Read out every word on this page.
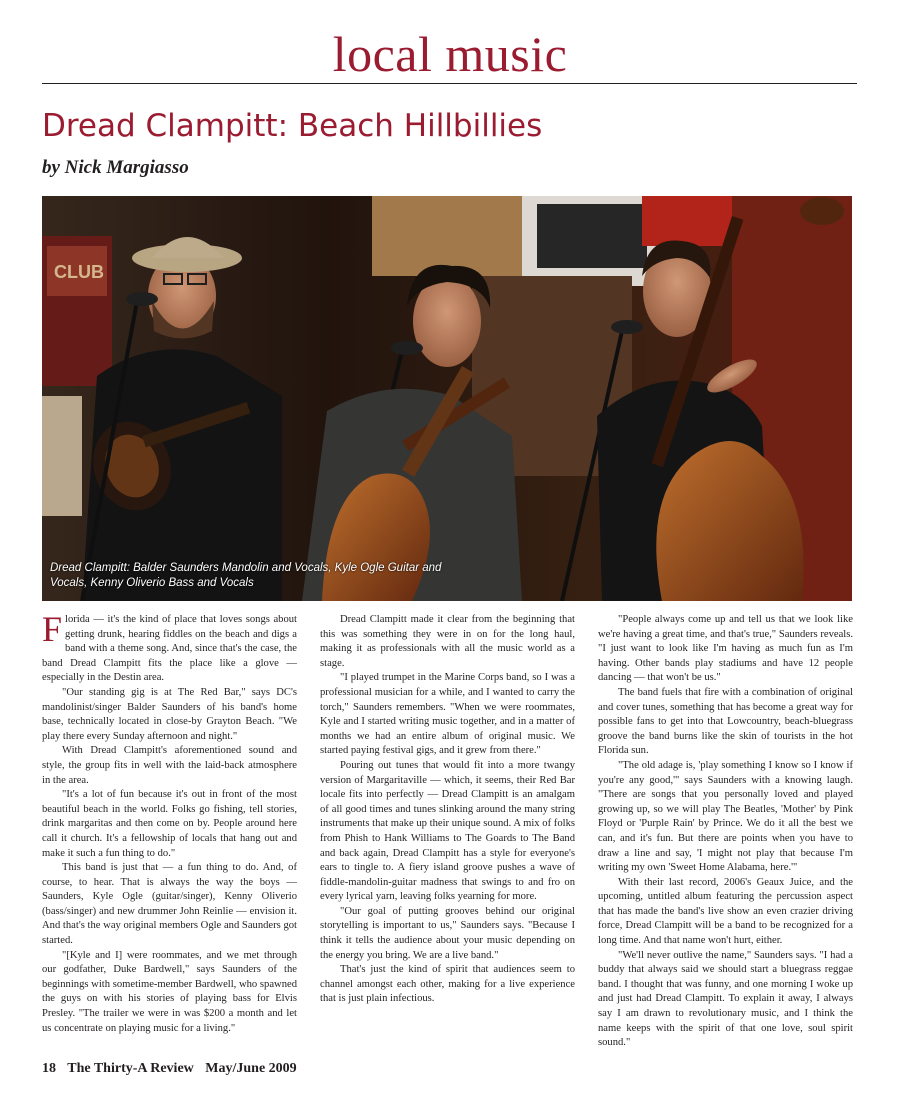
local music
Dread Clampitt: Beach Hillbillies
by Nick Margiasso
CLUB
Dread Clampitt: Balder Saunders Mandolin and Vocals, Kyle Ogle Guitar and Vocals, Kenny Oliverio Bass and Vocals

Florida — it's the kind of place that loves songs about getting drunk, hearing fiddles on the beach and digs a band with a theme song. And, since that's the case, the band Dread Clampitt fits the place like a glove — especially in the Destin area.

"Our standing gig is at The Red Bar," says DC's mandolinist/singer Balder Saunders of his band's home base, technically located in close-by Grayton Beach. "We play there every Sunday afternoon and night."

With Dread Clampitt's aforementioned sound and style, the group fits in well with the laid-back atmosphere in the area.

"It's a lot of fun because it's out in front of the most beautiful beach in the world. Folks go fishing, tell stories, drink margaritas and then come on by. People around here call it church. It's a fellowship of locals that hang out and make it such a fun thing to do."

This band is just that — a fun thing to do. And, of course, to hear. That is always the way the boys — Saunders, Kyle Ogle (guitar/singer), Kenny Oliverio (bass/singer) and new drummer John Reinlie — envision it. And that's the way original members Ogle and Saunders got started.

"[Kyle and I] were roommates, and we met through our godfather, Duke Bardwell," says Saunders of the beginnings with sometime-member Bardwell, who spawned the guys on with his stories of playing bass for Elvis Presley. "The trailer we were in was $200 a month and let us concentrate on playing music for a living."

Dread Clampitt made it clear from the beginning that this was something they were in on for the long haul, making it as professionals with all the music world as a stage.

"I played trumpet in the Marine Corps band, so I was a professional musician for a while, and I wanted to carry the torch," Saunders remembers. "When we were roommates, Kyle and I started writing music together, and in a matter of months we had an entire album of original music. We started paying festival gigs, and it grew from there."

Pouring out tunes that would fit into a more twangy version of Margaritaville — which, it seems, their Red Bar locale fits into perfectly — Dread Clampitt is an amalgam of all good times and tunes slinking around the many string instruments that make up their unique sound. A mix of folks from Phish to Hank Williams to The Goards to The Band and back again, Dread Clampitt has a style for everyone's ears to tingle to. A fiery island groove pushes a wave of fiddle-mandolin-guitar madness that swings to and fro on every lyrical yarn, leaving folks yearning for more.

"Our goal of putting grooves behind our original storytelling is important to us," Saunders says. "Because I think it tells the audience about your music depending on the energy you bring. We are a live band."

That's just the kind of spirit that audiences seem to channel amongst each other, making for a live experience that is just plain infectious.

"People always come up and tell us that we look like we're having a great time, and that's true," Saunders reveals. "I just want to look like I'm having as much fun as I'm having. Other bands play stadiums and have 12 people dancing — that won't be us."

The band fuels that fire with a combination of original and cover tunes, something that has become a great way for possible fans to get into that Lowcountry, beach-bluegrass groove the band burns like the skin of tourists in the hot Florida sun.

"The old adage is, 'play something I know so I know if you're any good,'" says Saunders with a knowing laugh. "There are songs that you personally loved and played growing up, so we will play The Beatles, 'Mother' by Pink Floyd or 'Purple Rain' by Prince. We do it all the best we can, and it's fun. But there are points when you have to draw a line and say, 'I might not play that because I'm writing my own 'Sweet Home Alabama, here.'"

With their last record, 2006's Geaux Juice, and the upcoming, untitled album featuring the percussion aspect that has made the band's live show an even crazier driving force, Dread Clampitt will be a band to be recognized for a long time. And that name won't hurt, either.

"We'll never outlive the name," Saunders says. "I had a buddy that always said we should start a bluegrass reggae band. I thought that was funny, and one morning I woke up and just had Dread Clampitt. To explain it away, I always say I am drawn to revolutionary music, and I think the name keeps with the spirit of that one love, soul spirit sound."

18 The Thirty-A Review May/June 2009
